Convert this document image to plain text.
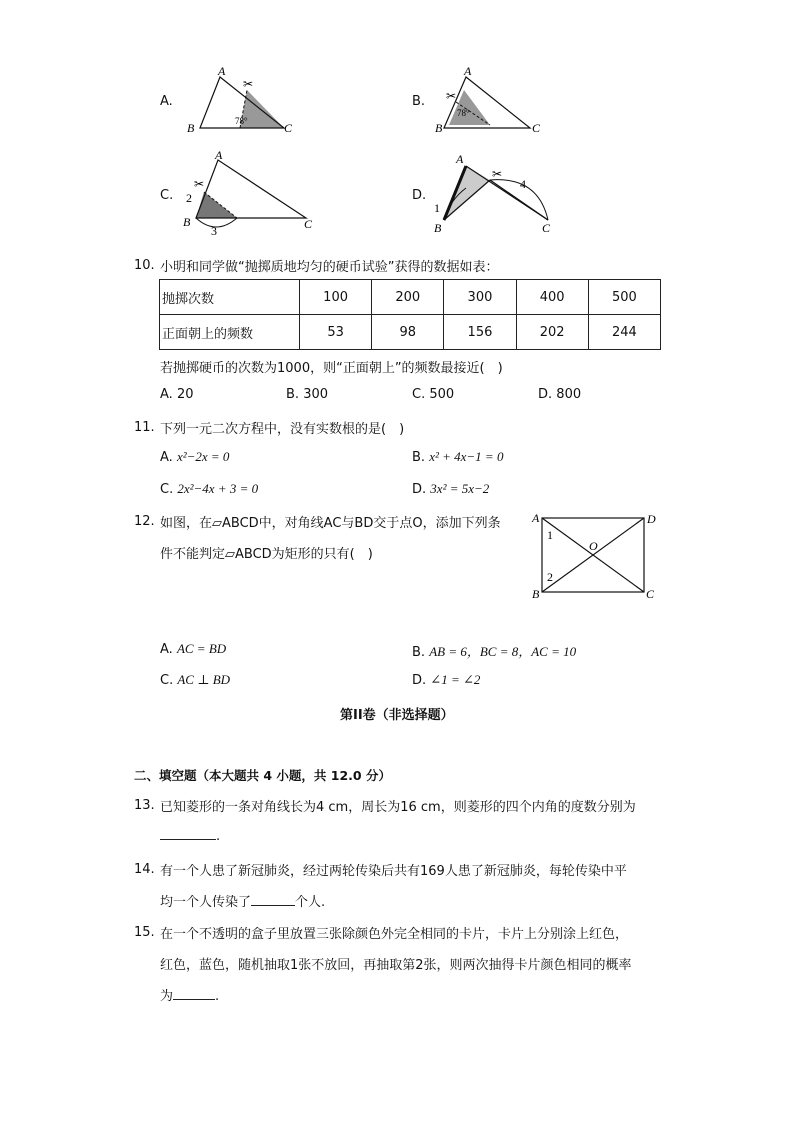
A.
✂
A
B	C
78°
B. ✂
A
B	C
78°
C.
✂
A
B	C
2
3
D.
✂
A
B	C
1
4
10. 小明和同学做“抛掷质地均匀的硬币试验”获得的数据如表：
抛掷次数	100	200	300	400	500
正面朝上的频数	53	98	156	202	244
若抛掷硬币的次数为1000，则“正面朝上”的频数最接近(　)
A. 20	B. 300	C. 500	D. 800
11. 下列一元二次方程中，没有实数根的是(　)
A. x²−2x = 0	B. x² + 4x−1 = 0
C. 2x²−4x + 3 = 0	D. 3x² = 5x−2
12. 如图，在▱ABCD中，对角线AC与BD交于点O，添加下列条
件不能判定▱ABCD为矩形的只有(　)
A
B	C
D
O
1
2
A. AC = BD	B. AB = 6，BC = 8，AC = 10
C. AC ⊥ BD	D. ∠1 = ∠2
第II卷（非选择题）
二、填空题（本大题共 4 小题，共 12.0 分）
13. 已知菱形的一条对角线长为4 cm，周长为16 cm，则菱形的四个内角的度数分别为
.
14. 有一个人患了新冠肺炎，经过两轮传染后共有169人患了新冠肺炎，每轮传染中平
均一个人传染了	个人.
15. 在一个不透明的盒子里放置三张除颜色外完全相同的卡片，卡片上分别涂上红色，
红色，蓝色，随机抽取1张不放回，再抽取第2张，则两次抽得卡片颜色相同的概率
为	.
